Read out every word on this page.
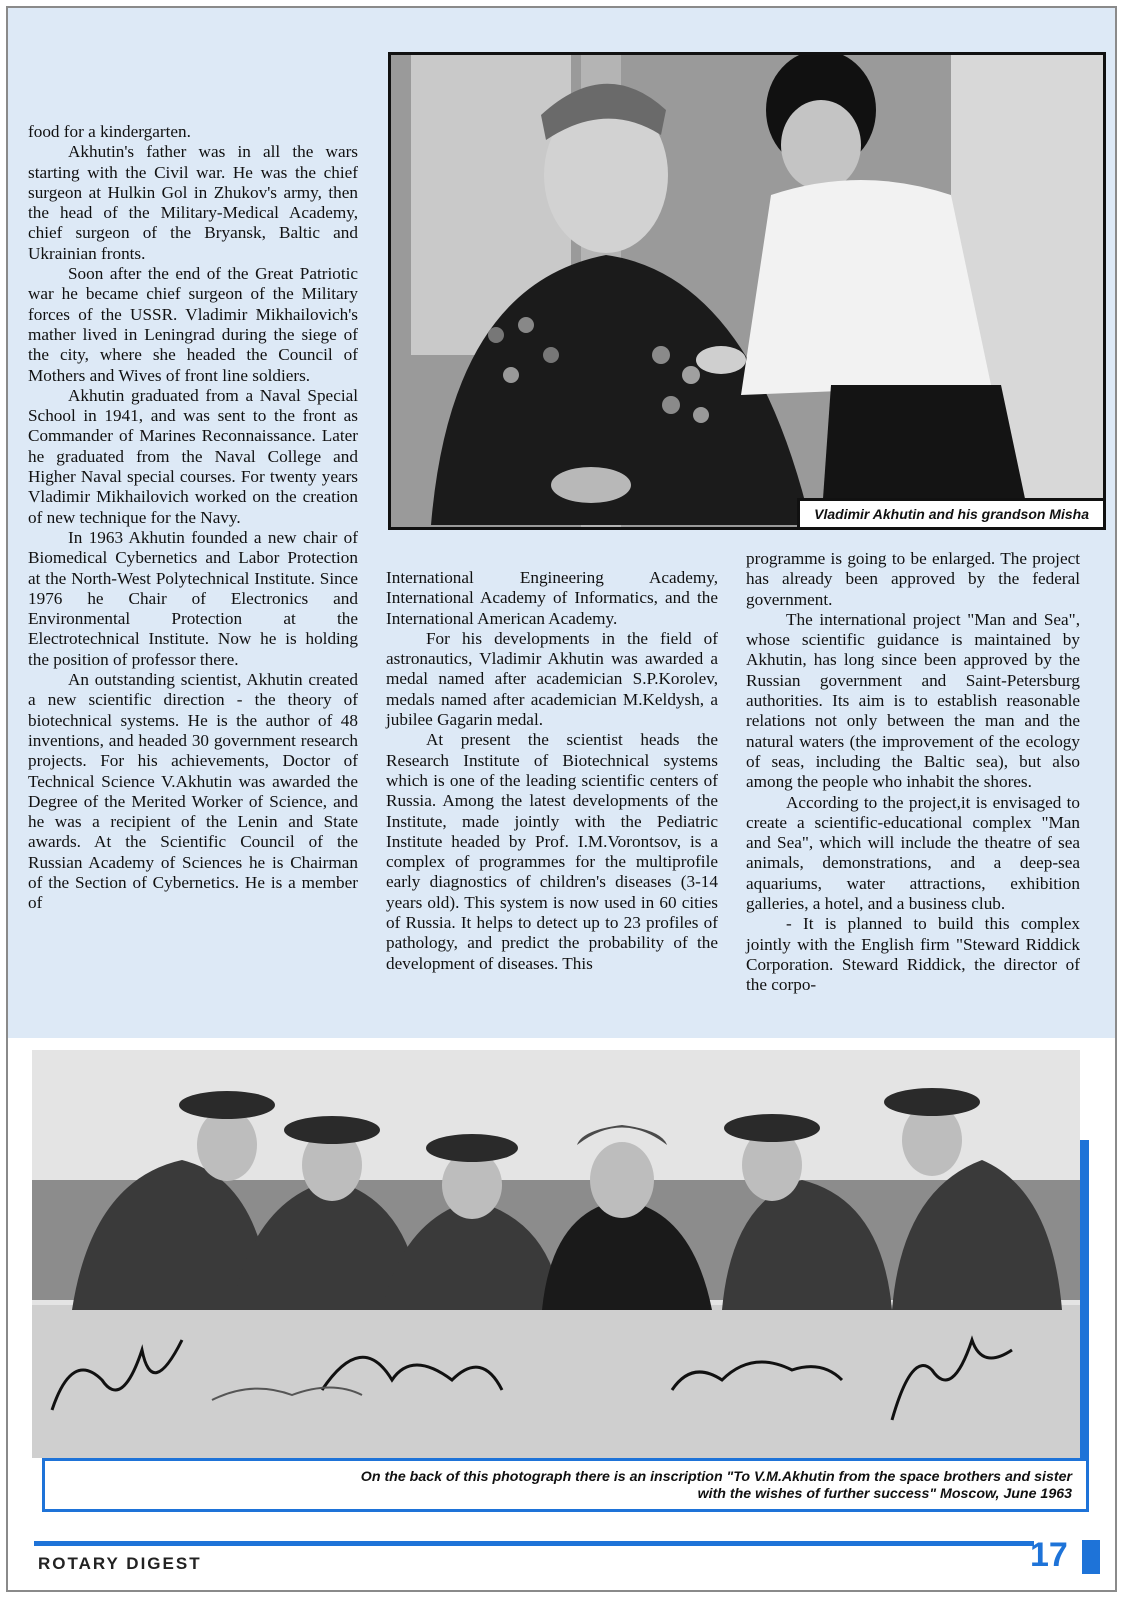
food for a kindergarten.

Akhutin's father was in all the wars starting with the Civil war. He was the chief surgeon at Hulkin Gol in Zhukov's army, then the head of the Military-Medical Academy, chief surgeon of the Bryansk, Baltic and Ukrainian fronts.

Soon after the end of the Great Patriotic war he became chief surgeon of the Military forces of the USSR. Vladimir Mikhailovich's mather lived in Leningrad during the siege of the city, where she headed the Council of Mothers and Wives of front line soldiers.

Akhutin graduated from a Naval Special School in 1941, and was sent to the front as Commander of Marines Reconnaissance. Later he graduated from the Naval College and Higher Naval special courses. For twenty years Vladimir Mikhailovich worked on the creation of new technique for the Navy.

In 1963 Akhutin founded a new chair of Biomedical Cybernetics and Labor Protection at the North-West Polytechnical Institute. Since 1976 he Chair of Electronics and Environmental Protection at the Electrotechnical Institute. Now he is holding the position of professor there.

An outstanding scientist, Akhutin created a new scientific direction - the theory of biotechnical systems. He is the author of 48 inventions, and headed 30 government research projects. For his achievements, Doctor of Technical Science V.Akhutin was awarded the Degree of the Merited Worker of Science, and he was a recipient of the Lenin and State awards. At the Scientific Council of the Russian Academy of Sciences he is Chairman of the Section of Cybernetics. He is a member of

Vladimir Akhutin and his grandson Misha

International Engineering Academy, International Academy of Informatics, and the International American Academy.

For his developments in the field of astronautics, Vladimir Akhutin was awarded a medal named after academician S.P.Korolev, medals named after academician M.Keldysh, a jubilee Gagarin medal.

At present the scientist heads the Research Institute of Biotechnical systems which is one of the leading scientific centers of Russia. Among the latest developments of the Institute, made jointly with the Pediatric Institute headed by Prof. I.M.Vorontsov, is a complex of programmes for the multiprofile early diagnostics of children's diseases (3-14 years old). This system is now used in 60 cities of Russia. It helps to detect up to 23 profiles of pathology, and predict the probability of the development of diseases. This

programme is going to be enlarged. The project has already been approved by the federal government.

The international project "Man and Sea", whose scientific guidance is maintained by Akhutin, has long since been approved by the Russian government and Saint-Petersburg authorities. Its aim is to establish reasonable relations not only between the man and the natural waters (the improvement of the ecology of seas, including the Baltic sea), but also among the people who inhabit the shores.

According to the project,it is envisaged to create a scientific-educational complex "Man and Sea", which will include the theatre of sea animals, demonstrations, and a deep-sea aquariums, water attractions, exhibition galleries, a hotel, and a business club.

- It is planned to build this complex jointly with the English firm "Steward Riddick Corporation. Steward Riddick, the director of the corpo-

On the back of this photograph there is an inscription "To V.M.Akhutin from the space brothers and sister
with the wishes of further success" Moscow, June 1963
ROTARY DIGEST	17
